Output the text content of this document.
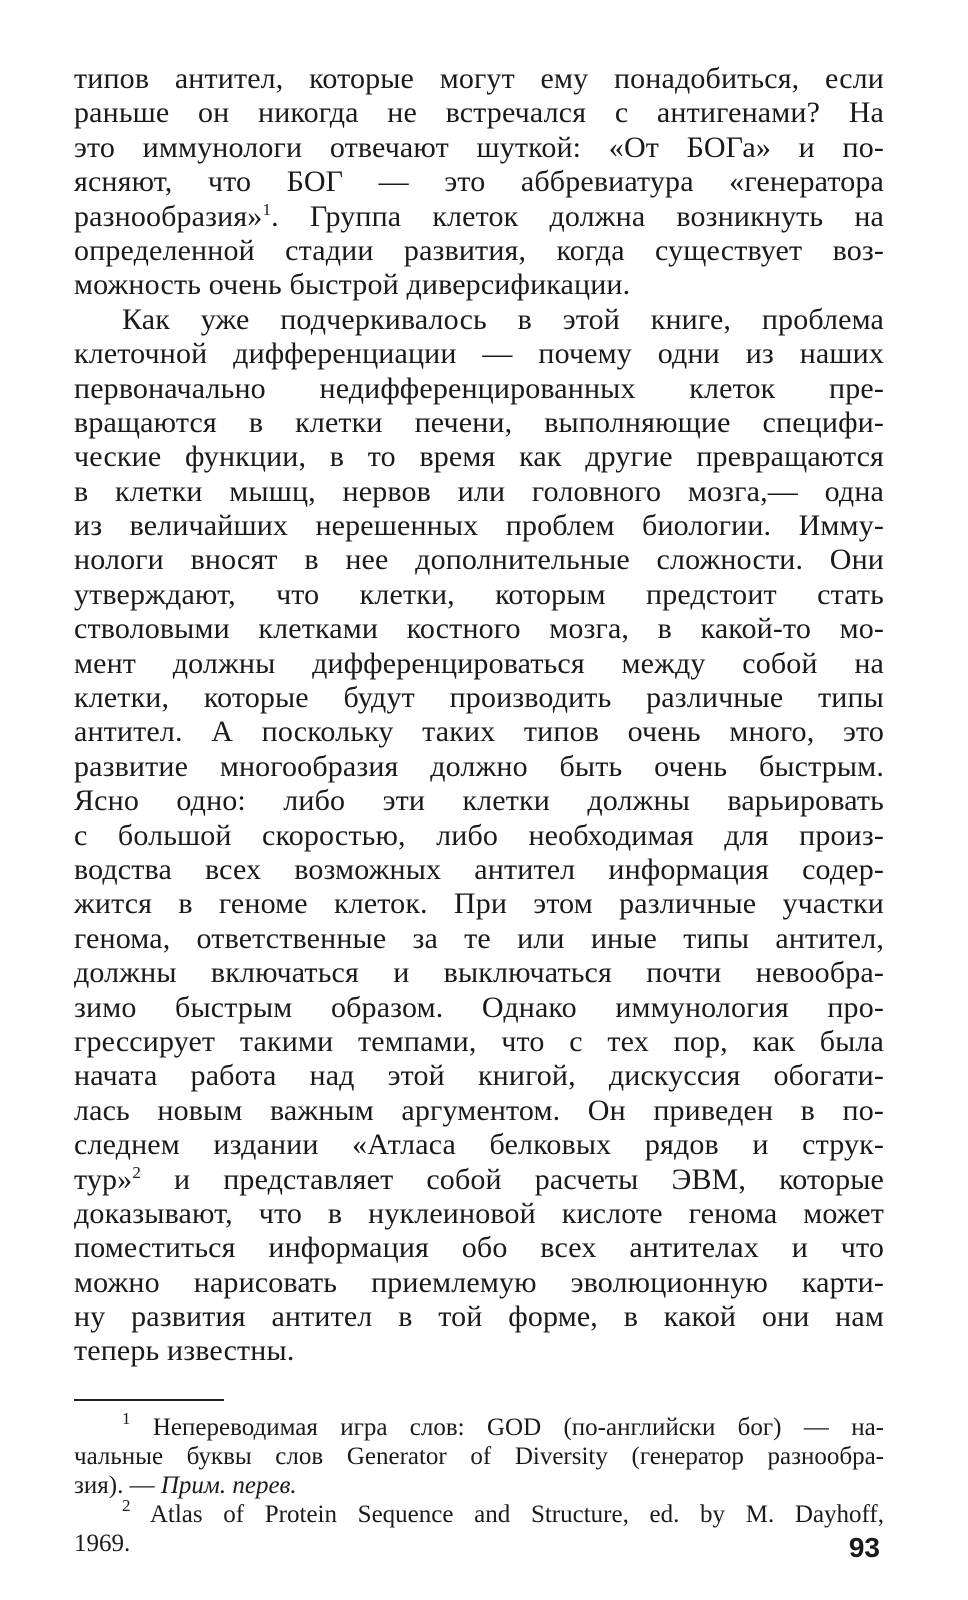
типов антител, которые могут ему понадобиться, если
раньше он никогда не встречался с антигенами? На
это иммунологи отвечают шуткой: «От БОГа» и по-
ясняют, что БОГ — это аббревиатура «генератора
разнообразия»$^1$. Группа клеток должна возникнуть на
определенной стадии развития, когда существует воз-
можность очень быстрой диверсификации.
Как уже подчеркивалось в этой книге, проблема
клеточной дифференциации — почему одни из наших
первоначально недифференцированных клеток пре-
вращаются в клетки печени, выполняющие специфи-
ческие функции, в то время как другие превращаются
в клетки мышц, нервов или головного мозга,— одна
из величайших нерешенных проблем биологии. Имму-
нологи вносят в нее дополнительные сложности. Они
утверждают, что клетки, которым предстоит стать
стволовыми клетками костного мозга, в какой-то мо-
мент должны дифференцироваться между собой на
клетки, которые будут производить различные типы
антител. А поскольку таких типов очень много, это
развитие многообразия должно быть очень быстрым.
Ясно одно: либо эти клетки должны варьировать
с большой скоростью, либо необходимая для произ-
водства всех возможных антител информация содер-
жится в геноме клеток. При этом различные участки
генома, ответственные за те или иные типы антител,
должны включаться и выключаться почти невообра-
зимо быстрым образом. Однако иммунология про-
грессирует такими темпами, что с тех пор, как была
начата работа над этой книгой, дискуссия обогати-
лась новым важным аргументом. Он приведен в по-
следнем издании «Атласа белковых рядов и струк-
тур»$^2$ и представляет собой расчеты ЭВМ, которые
доказывают, что в нуклеиновой кислоте генома может
поместиться информация обо всех антителах и что
можно нарисовать приемлемую эволюционную карти-
ну развития антител в той форме, в какой они нам
теперь известны.
$^1$ Непереводимая игра слов: GOD (по-английски бог) — на-
чальные буквы слов Generator of Diversity (генератор разнообра-
зия). — Прим. перев.
$^2$ Atlas of Protein Sequence and Structure, ed. by M. Dayhoff,
1969.	93
